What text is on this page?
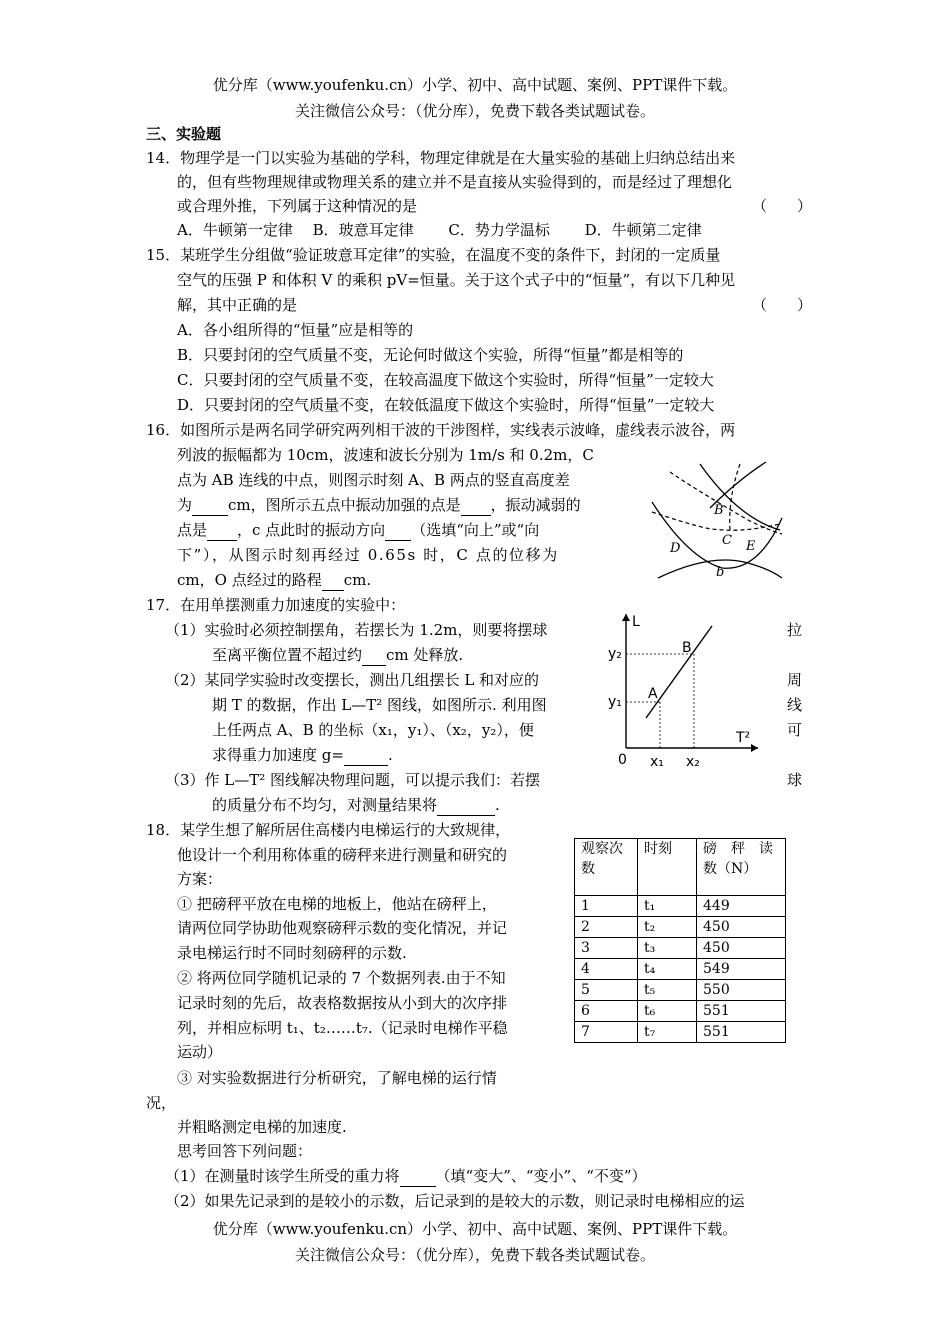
优分库（www.youfenku.cn）小学、初中、高中试题、案例、PPT课件下载。
关注微信公众号：（优分库），免费下载各类试题试卷。
三、实验题
14．物理学是一门以实验为基础的学科，物理定律就是在大量实验的基础上归纳总结出来
的，但有些物理规律或物理关系的建立并不是直接从实验得到的，而是经过了理想化
或合理外推，下列属于这种情况的是	（　　）
A．牛顿第一定律　 B．玻意耳定律　　 C．势力学温标　　 D．牛顿第二定律
15．某班学生分组做“验证玻意耳定律”的实验，在温度不变的条件下，封闭的一定质量
空气的压强 P 和体积 V 的乘积 pV=恒量。关于这个式子中的“恒量”，有以下几种见
解，其中正确的是	（　　）
A．各小组所得的“恒量”应是相等的
B．只要封闭的空气质量不变，无论何时做这个实验，所得“恒量”都是相等的
C．只要封闭的空气质量不变，在较高温度下做这个实验时，所得“恒量”一定较大
D．只要封闭的空气质量不变，在较低温度下做这个实验时，所得“恒量”一定较大
16．如图所示是两名同学研究两列相干波的干涉图样，实线表示波峰，虚线表示波谷，两
列波的振幅都为 10cm，波速和波长分别为 1m/s 和 0.2m，C
点为 AB 连线的中点，则图示时刻 A、B 两点的竖直高度差
为 cm，图所示五点中振动加强的点是 ，振动减弱的
点是 ，c 点此时的振动方向 （选填“向上”或“向
下”），从图示时刻再经过 0.65s 时，C 点的位移为
cm，O 点经过的路程 cm.
B
C
D	E
b
17．在用单摆测重力加速度的实验中：
（1）实验时必须控制摆角，若摆长为 1.2m，则要将摆球	拉
至离平衡位置不超过约 cm 处释放.
（2）某同学实验时改变摆长，测出几组摆长 L 和对应的	周
期 T 的数据，作出 L—T² 图线，如图所示. 利用图	线
上任两点 A、B 的坐标（x₁，y₁）、（x₂，y₂），便	可
求得重力加速度 g=	.
（3）作 L—T² 图线解决物理问题，可以提示我们：若摆	球
的质量分布不均匀，对测量结果将	.
L
T²
y₂
y₁
x₁ x₂
0
A
B
18．某学生想了解所居住高楼内电梯运行的大致规律，
他设计一个利用称体重的磅秤来进行测量和研究的
方案：
① 把磅秤平放在电梯的地板上，他站在磅秤上，
请两位同学协助他观察磅秤示数的变化情况，并记
录电梯运行时不同时刻磅秤的示数.
② 将两位同学随机记录的 7 个数据列表.由于不知
记录时刻的先后，故表格数据按从小到大的次序排
列，并相应标明 t₁、t₂……t₇.（记录时电梯作平稳
运动）
③ 对实验数据进行分析研究，了解电梯的运行情
况，
并粗略测定电梯的加速度.
思考回答下列问题：
（1）在测量时该学生所受的重力将 （填“变大”、“变小”、“不变”）
（2）如果先记录到的是较小的示数，后记录到的是较大的示数，则记录时电梯相应的运
观察次数	时刻	磅　秤　读　数（N）
1	t₁	449
2	t₂	450
3	t₃	450
4	t₄	549
5	t₅	550
6	t₆	551
7	t₇	551
优分库（www.youfenku.cn）小学、初中、高中试题、案例、PPT课件下载。
关注微信公众号：（优分库），免费下载各类试题试卷。
